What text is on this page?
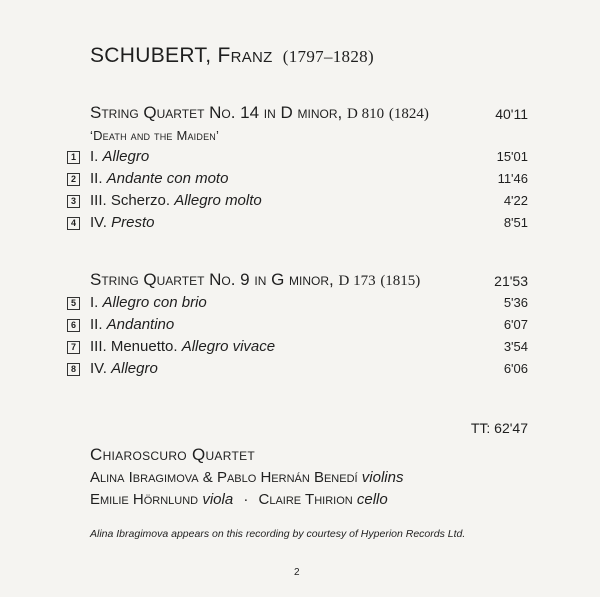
SCHUBERT, Franz (1797–1828)
String Quartet No. 14 in D minor, D 810 (1824)	40'11
‘Death and the Maiden’
1 I. Allegro	15'01
2 II. Andante con moto	11'46
3 III. Scherzo. Allegro molto	4'22
4 IV. Presto	8'51
String Quartet No. 9 in G minor, D 173 (1815)	21'53
5 I. Allegro con brio	5'36
6 II. Andantino	6'07
7 III. Menuetto. Allegro vivace	3'54
8 IV. Allegro	6'06
TT: 62'47
Chiaroscuro Quartet
Alina Ibragimova & Pablo Hernán Benedí violins
Emilie Hörnlund viola · Claire Thirion cello
Alina Ibragimova appears on this recording by courtesy of Hyperion Records Ltd.
2
